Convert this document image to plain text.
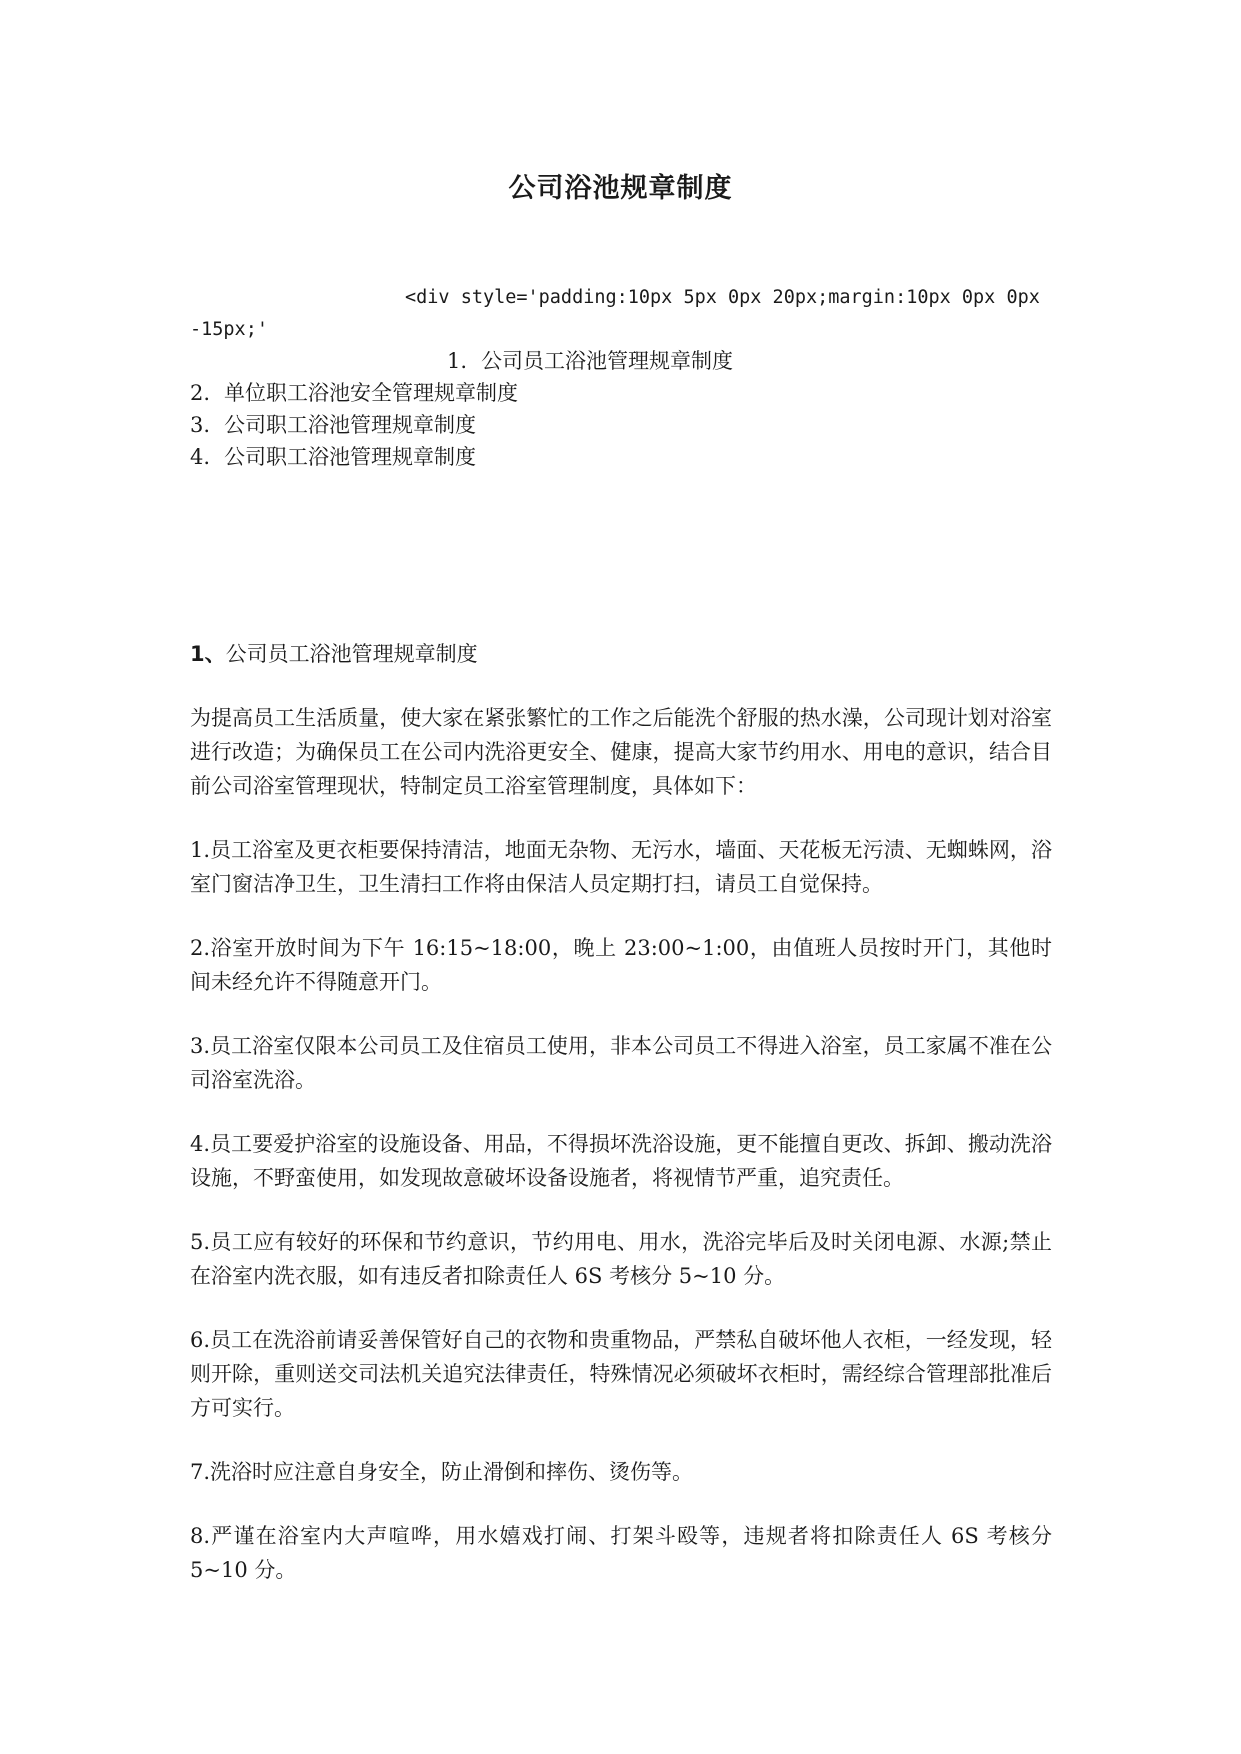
公司浴池规章制度
<div style='padding:10px 5px 0px 20px;margin:10px 0px 0px
-15px;'
1. 公司员工浴池管理规章制度
2. 单位职工浴池安全管理规章制度
3. 公司职工浴池管理规章制度
4. 公司职工浴池管理规章制度

1、公司员工浴池管理规章制度

为提高员工生活质量，使大家在紧张繁忙的工作之后能洗个舒服的热水澡，公司现计划对浴室进行改造；为确保员工在公司内洗浴更安全、健康，提高大家节约用水、用电的意识，结合目前公司浴室管理现状，特制定员工浴室管理制度，具体如下：

1.员工浴室及更衣柜要保持清洁，地面无杂物、无污水，墙面、天花板无污渍、无蜘蛛网，浴室门窗洁净卫生，卫生清扫工作将由保洁人员定期打扫，请员工自觉保持。

2.浴室开放时间为下午 16:15~18:00，晚上 23:00~1:00，由值班人员按时开门，其他时间未经允许不得随意开门。

3.员工浴室仅限本公司员工及住宿员工使用，非本公司员工不得进入浴室，员工家属不准在公司浴室洗浴。

4.员工要爱护浴室的设施设备、用品，不得损坏洗浴设施，更不能擅自更改、拆卸、搬动洗浴设施，不野蛮使用，如发现故意破坏设备设施者，将视情节严重，追究责任。

5.员工应有较好的环保和节约意识，节约用电、用水，洗浴完毕后及时关闭电源、水源;禁止在浴室内洗衣服，如有违反者扣除责任人 6S 考核分 5~10 分。

6.员工在洗浴前请妥善保管好自己的衣物和贵重物品，严禁私自破坏他人衣柜，一经发现，轻则开除，重则送交司法机关追究法律责任，特殊情况必须破坏衣柜时，需经综合管理部批准后方可实行。

7.洗浴时应注意自身安全，防止滑倒和摔伤、烫伤等。

8.严谨在浴室内大声喧哗，用水嬉戏打闹、打架斗殴等，违规者将扣除责任人 6S 考核分 5~10 分。
